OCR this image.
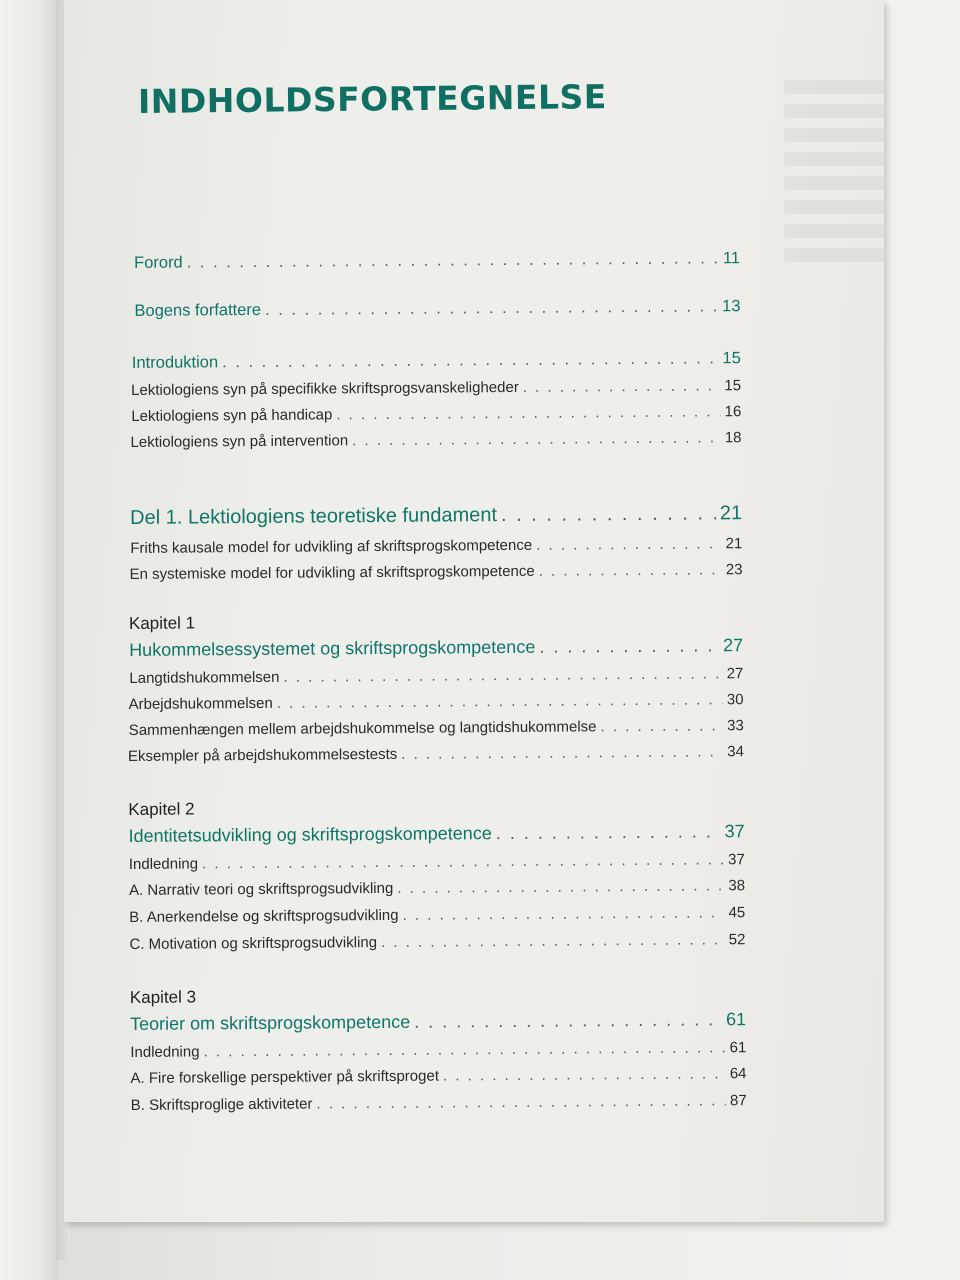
INDHOLDSFORTEGNELSE
Forord . . .	11
Bogens forfattere . . .	13
Introduktion . . .	15
Lektiologiens syn på specifikke skriftsprogsvanskeligheder . . .	15
Lektiologiens syn på handicap . . .	16
Lektiologiens syn på intervention . . .	18
Del 1. Lektiologiens teoretiske fundament . . .	21
Friths kausale model for udvikling af skriftsprogskompetence . . .	21
En systemiske model for udvikling af skriftsprogskompetence . . .	23
Kapitel 1
Hukommelsessystemet og skriftsprogskompetence . . .	27
Langtidshukommelsen . . .	27
Arbejdshukommelsen . . .	30
Sammenhængen mellem arbejdshukommelse og langtidshukommelse . . .	33
Eksempler på arbejdshukommelsestests . . .	34
Kapitel 2
Identitetsudvikling og skriftsprogskompetence . . .	37
Indledning . . .	37
A. Narrativ teori og skriftsprogsudvikling . . .	38
B. Anerkendelse og skriftsprogsudvikling . . .	45
C. Motivation og skriftsprogsudvikling . . .	52
Kapitel 3
Teorier om skriftsprogskompetence . . .	61
Indledning . . .	61
A. Fire forskellige perspektiver på skriftsproget . . .	64
B. Skriftsproglige aktiviteter . . .	87
